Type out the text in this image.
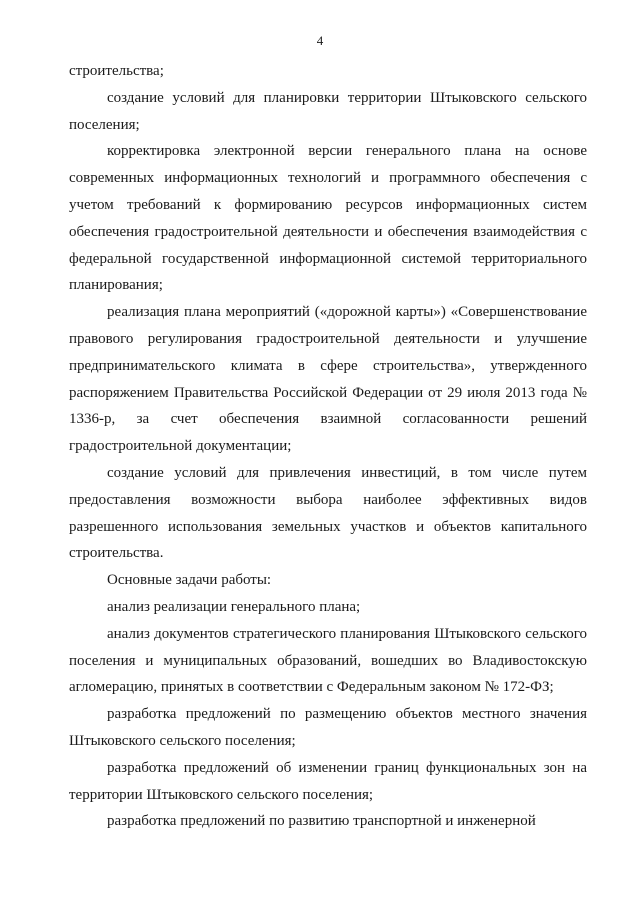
4

строительства;

создание условий для планировки территории Штыковского сельского поселения;

корректировка электронной версии генерального плана на основе современных информационных технологий и программного обеспечения с учетом требований к формированию ресурсов информационных систем обеспечения градостроительной деятельности и обеспечения взаимодействия с федеральной государственной информационной системой территориального планирования;

реализация плана мероприятий («дорожной карты») «Совершенствование правового регулирования градостроительной деятельности и улучшение предпринимательского климата в сфере строительства», утвержденного распоряжением Правительства Российской Федерации от 29 июля 2013 года № 1336-р, за счет обеспечения взаимной согласованности решений градостроительной документации;

создание условий для привлечения инвестиций, в том числе путем предоставления возможности выбора наиболее эффективных видов разрешенного использования земельных участков и объектов капитального строительства.

Основные задачи работы:

анализ реализации генерального плана;

анализ документов стратегического планирования Штыковского сельского поселения и муниципальных образований, вошедших во Владивостокскую агломерацию, принятых в соответствии с Федеральным законом № 172-ФЗ;

разработка предложений по размещению объектов местного значения Штыковского сельского поселения;

разработка предложений об изменении границ функциональных зон на территории Штыковского сельского поселения;

разработка предложений по развитию транспортной и инженерной
